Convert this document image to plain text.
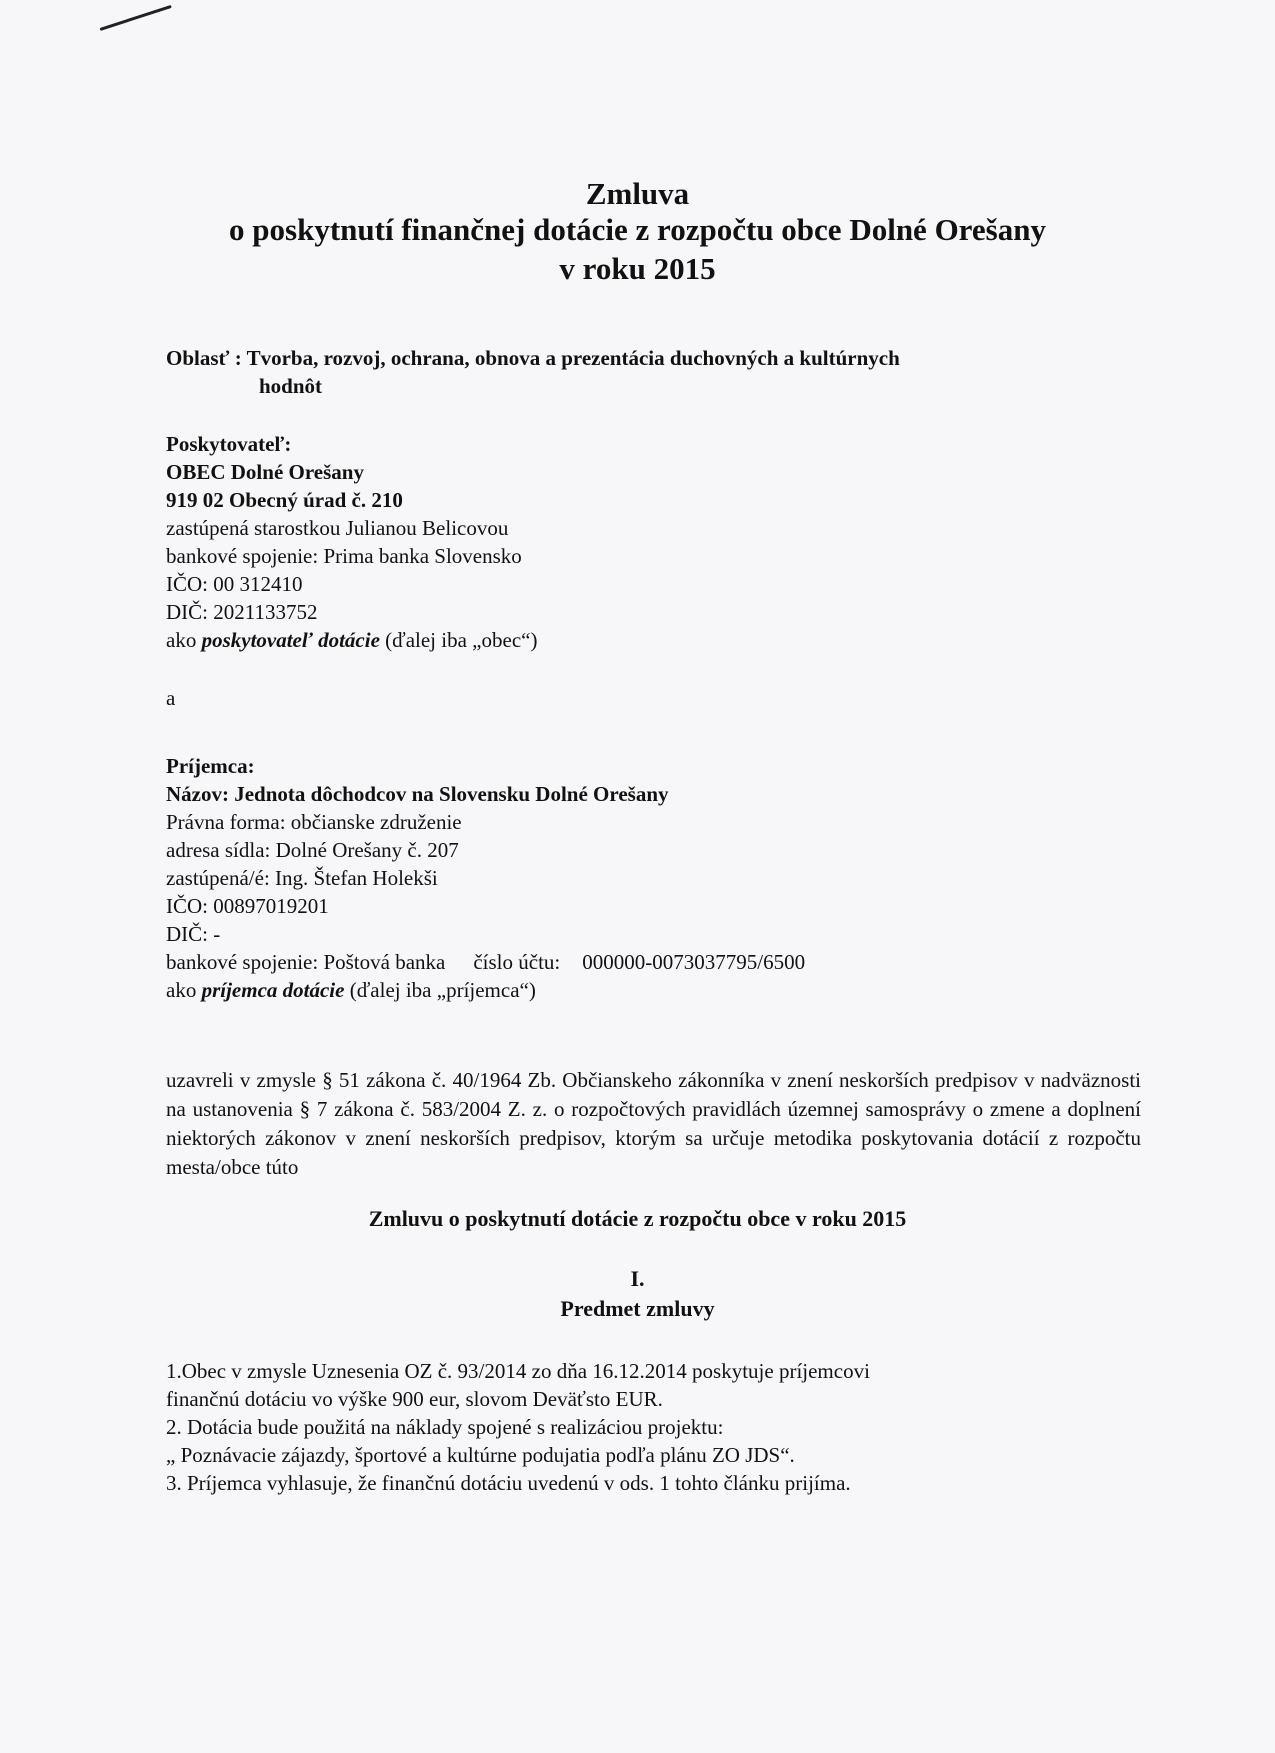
Zmluva
o poskytnutí finančnej dotácie z rozpočtu obce Dolné Orešany
v roku 2015
Oblasť : Tvorba, rozvoj, ochrana, obnova a prezentácia duchovných a kultúrnych
hodnôt
Poskytovateľ:
OBEC Dolné Orešany
919 02 Obecný úrad č. 210
zastúpená starostkou Julianou Belicovou
bankové spojenie: Prima banka Slovensko
IČO: 00 312410
DIČ: 2021133752
ako poskytovateľ dotácie (ďalej iba „obec“)
a
Príjemca:
Názov: Jednota dôchodcov na Slovensku Dolné Orešany
Právna forma: občianske združenie
adresa sídla: Dolné Orešany č. 207
zastúpená/é: Ing. Štefan Holekši
IČO: 00897019201
DIČ: -
bankové spojenie: Poštová banka číslo účtu: 000000-0073037795/6500
ako príjemca dotácie (ďalej iba „príjemca“)
uzavreli v zmysle § 51 zákona č. 40/1964 Zb. Občianskeho zákonníka v znení neskorších predpisov v nadväznosti na ustanovenia § 7 zákona č. 583/2004 Z. z. o rozpočtových pravidlách územnej samosprávy o zmene a doplnení niektorých zákonov v znení neskorších predpisov, ktorým sa určuje metodika poskytovania dotácií z rozpočtu mesta/obce túto
Zmluvu o poskytnutí dotácie z rozpočtu obce v roku 2015
I.
Predmet zmluvy
1.Obec v zmysle Uznesenia OZ č. 93/2014 zo dňa 16.12.2014 poskytuje príjemcovi
finančnú dotáciu vo výške 900 eur, slovom Deväťsto EUR.
2. Dotácia bude použitá na náklady spojené s realizáciou projektu:
„ Poznávacie zájazdy, športové a kultúrne podujatia podľa plánu ZO JDS“.
3. Príjemca vyhlasuje, že finančnú dotáciu uvedenú v ods. 1 tohto článku prijíma.
